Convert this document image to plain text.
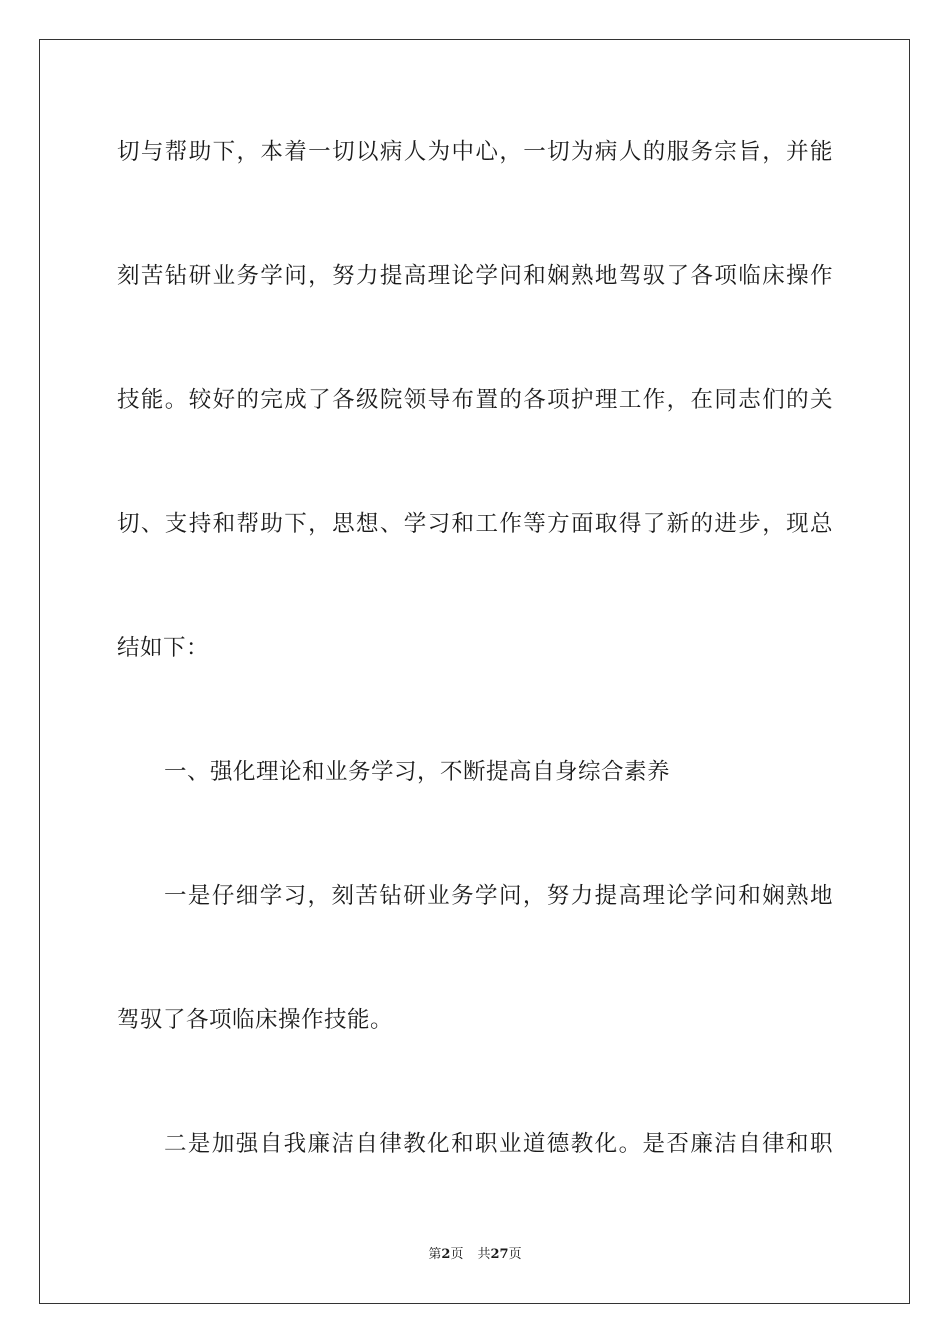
切与帮助下，本着一切以病人为中心，一切为病人的服务宗旨，并能
刻苦钻研业务学问，努力提高理论学问和娴熟地驾驭了各项临床操作
技能。较好的完成了各级院领导布置的各项护理工作，在同志们的关
切、支持和帮助下，思想、学习和工作等方面取得了新的进步，现总
结如下：
一、强化理论和业务学习，不断提高自身综合素养
一是仔细学习，刻苦钻研业务学问，努力提高理论学问和娴熟地
驾驭了各项临床操作技能。
二是加强自我廉洁自律教化和职业道德教化。是否廉洁自律和职
第2页 共27页
